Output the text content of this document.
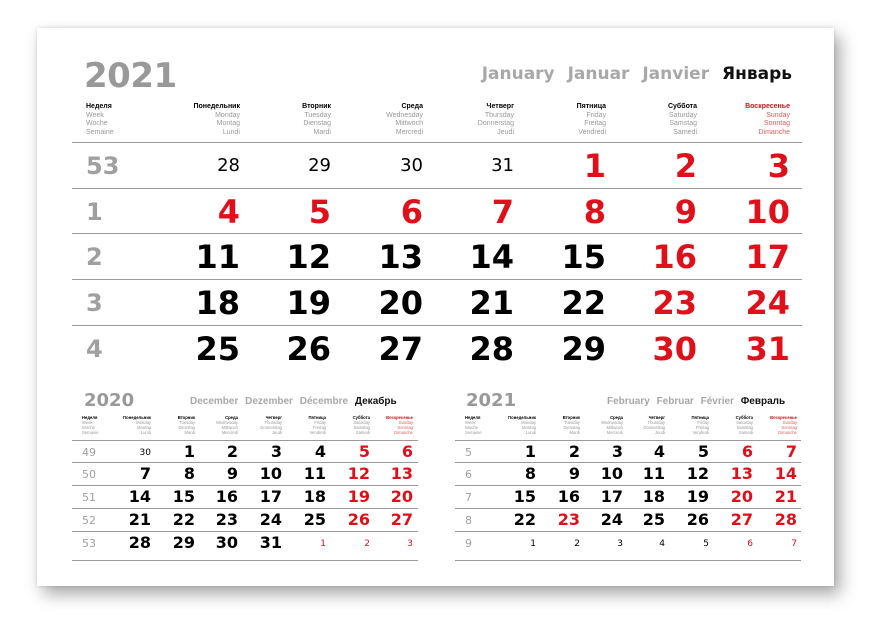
2021	January Januar Janvier Январь
Неделя
Week
Woche
Semaine
Понедельник
Monday
Montag
Lundi
Вторник
Tuesday
Dienstag
Mardi
Среда
Wednesday
Mittwoch
Mercredi
Четверг
Thursday
Donnerstag
Jeudi
Пятница
Friday
Freitag
Vendredi
Суббота
Saturday
Samstag
Samedi
Воскресенье
Sunday
Sonntag
Dimanche
53	28	29	30	31	1	2	3
1	4	5	6	7	8	9	10
2	11	12	13	14	15	16	17
3	18	19	20	21	22	23	24
4	25	26	27	28	29	30	31
2020	December Dezember Décembre Декабрь	2021	February Februar Février Февраль
Неделя
Week
Woche
Semaine
Понедельник
Monday
Montag
Lundi
Вторник
Tuesday
Dienstag
Mardi
Среда
Wednesday
Mittwoch
Mercredi
Четверг
Thursday
Donnerstag
Jeudi
Пятница
Friday
Freitag
Vendredi
Суббота
Saturday
Samstag
Samedi
Воскресенье
Sunday
Sonntag
Dimanche
49	30	1	2	3	4	5	6
50	7	8	9	10	11	12	13
51	14	15	16	17	18	19	20
52	21	22	23	24	25	26	27
53	28	29	30	31	1	2	3
Неделя
Week
Woche
Semaine
Понедельник
Monday
Montag
Lundi
Вторник
Tuesday
Dienstag
Mardi
Среда
Wednesday
Mittwoch
Mercredi
Четверг
Thursday
Donnerstag
Jeudi
Пятница
Friday
Freitag
Vendredi
Суббота
Saturday
Samstag
Samedi
Воскресенье
Sunday
Sonntag
Dimanche
5	1	2	3	4	5	6	7
6	8	9	10	11	12	13	14
7	15	16	17	18	19	20	21
8	22	23	24	25	26	27	28
9	1	2	3	4	5	6	7
